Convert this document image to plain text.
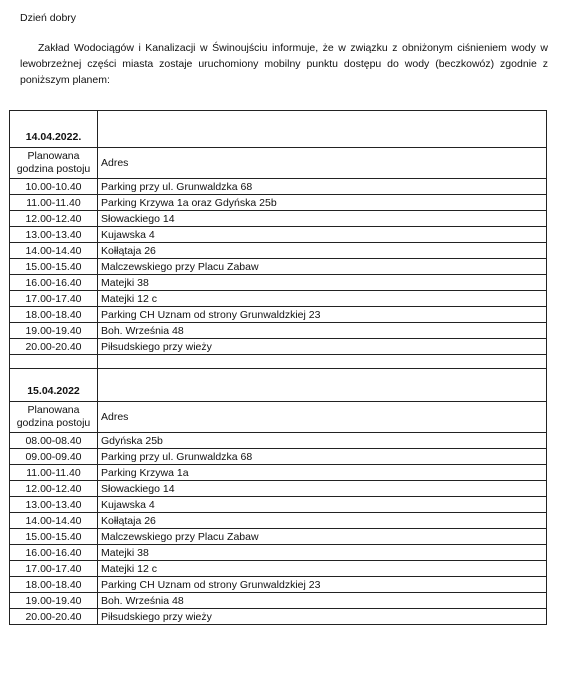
Dzień dobry
Zakład Wodociągów i Kanalizacji w Świnoujściu informuje, że w związku z obniżonym ciśnieniem wody w lewobrzeżnej części miasta zostaje uruchomiony mobilny punktu dostępu do wody (beczkowóz) zgodnie z poniższym planem:
14.04.2022.	
Planowana godzina postoju	Adres
10.00-10.40	Parking przy ul. Grunwaldzka 68
11.00-11.40	Parking Krzywa 1a oraz Gdyńska 25b
12.00-12.40	Słowackiego 14
13.00-13.40	Kujawska 4
14.00-14.40	Kołłątaja 26
15.00-15.40	Malczewskiego przy Placu Zabaw
16.00-16.40	Matejki 38
17.00-17.40	Matejki 12 c
18.00-18.40	Parking CH Uznam od strony Grunwaldzkiej 23
19.00-19.40	Boh. Września 48
20.00-20.40	Piłsudskiego przy wieży

15.04.2022	
Planowana godzina postoju	Adres
08.00-08.40	Gdyńska 25b
09.00-09.40	Parking przy ul. Grunwaldzka 68
11.00-11.40	Parking Krzywa 1a
12.00-12.40	Słowackiego 14
13.00-13.40	Kujawska 4
14.00-14.40	Kołłątaja 26
15.00-15.40	Malczewskiego przy Placu Zabaw
16.00-16.40	Matejki 38
17.00-17.40	Matejki 12 c
18.00-18.40	Parking CH Uznam od strony Grunwaldzkiej 23
19.00-19.40	Boh. Września 48
20.00-20.40	Piłsudskiego przy wieży
